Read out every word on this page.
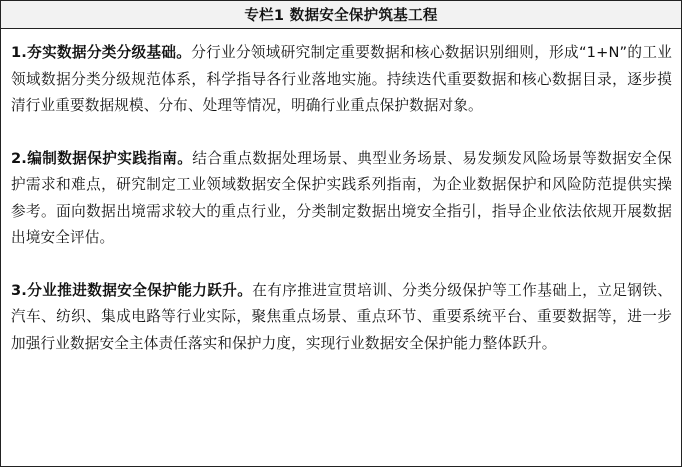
专栏1 数据安全保护筑基工程

1.夯实数据分类分级基础。分行业分领域研究制定重要数据和核心数据识别细则，形成“1+N”的工业领域数据分类分级规范体系，科学指导各行业落地实施。持续迭代重要数据和核心数据目录，逐步摸清行业重要数据规模、分布、处理等情况，明确行业重点保护数据对象。

2.编制数据保护实践指南。结合重点数据处理场景、典型业务场景、易发频发风险场景等数据安全保护需求和难点，研究制定工业领域数据安全保护实践系列指南，为企业数据保护和风险防范提供实操参考。面向数据出境需求较大的重点行业，分类制定数据出境安全指引，指导企业依法依规开展数据出境安全评估。

3.分业推进数据安全保护能力跃升。在有序推进宣贯培训、分类分级保护等工作基础上，立足钢铁、汽车、纺织、集成电路等行业实际，聚焦重点场景、重点环节、重要系统平台、重要数据等，进一步加强行业数据安全主体责任落实和保护力度，实现行业数据安全保护能力整体跃升。
